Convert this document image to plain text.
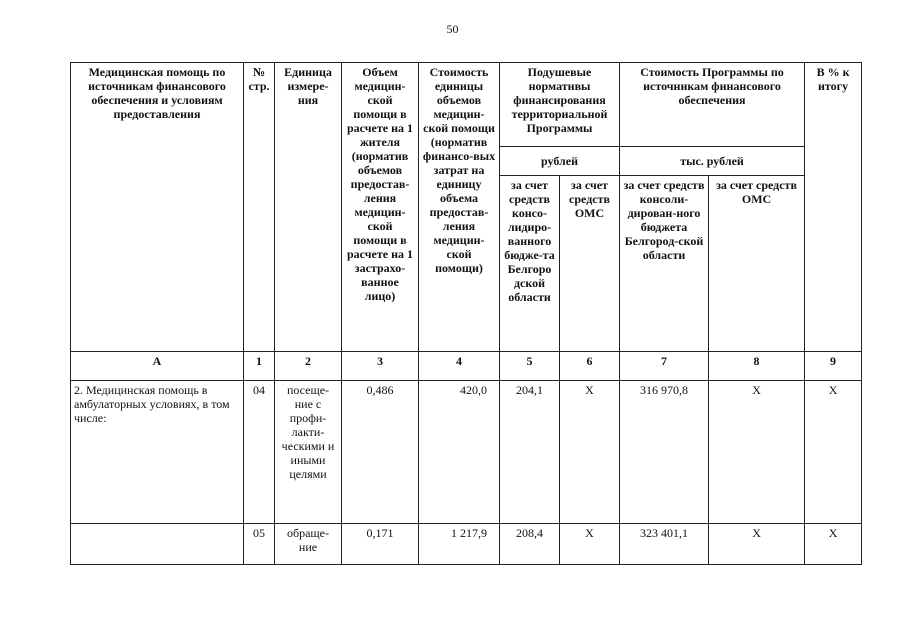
50
Медицинская помощь по источникам финансового обеспечения и условиям предоставления	№ стр.	Единица измере-ния	Объем медицин-ской помощи в расчете на 1 жителя (норматив объемов предостав-ления медицин-ской помощи в расчете на 1 застрахо-ванное лицо)	Стоимость единицы объемов медицин-ской помощи (норматив финансо-вых затрат на единицу объема предостав-ления медицин-ской помощи)	Подушевые нормативы финансирования территориальной Программы		Стоимость Программы по источникам финансового обеспечения		В % к итогу
					рублей		тыс. рублей		
					за счет средств консо-лидиро-ванного бюдже-та Белгоро дской области	за счет средств ОМС	за счет средств консоли-дирован-ного бюджета Белгород-ской области	за счет средств ОМС	
А	1	2	3	4	5	6	7	8	9
2. Медицинская помощь в амбулаторных условиях, в том числе:	04	посеще-ние с профи-лакти-ческими и иными целями	0,486	420,0	204,1	Х	316 970,8	Х	Х
	05	обраще-ние	0,171	1 217,9	208,4	Х	323 401,1	Х	Х
